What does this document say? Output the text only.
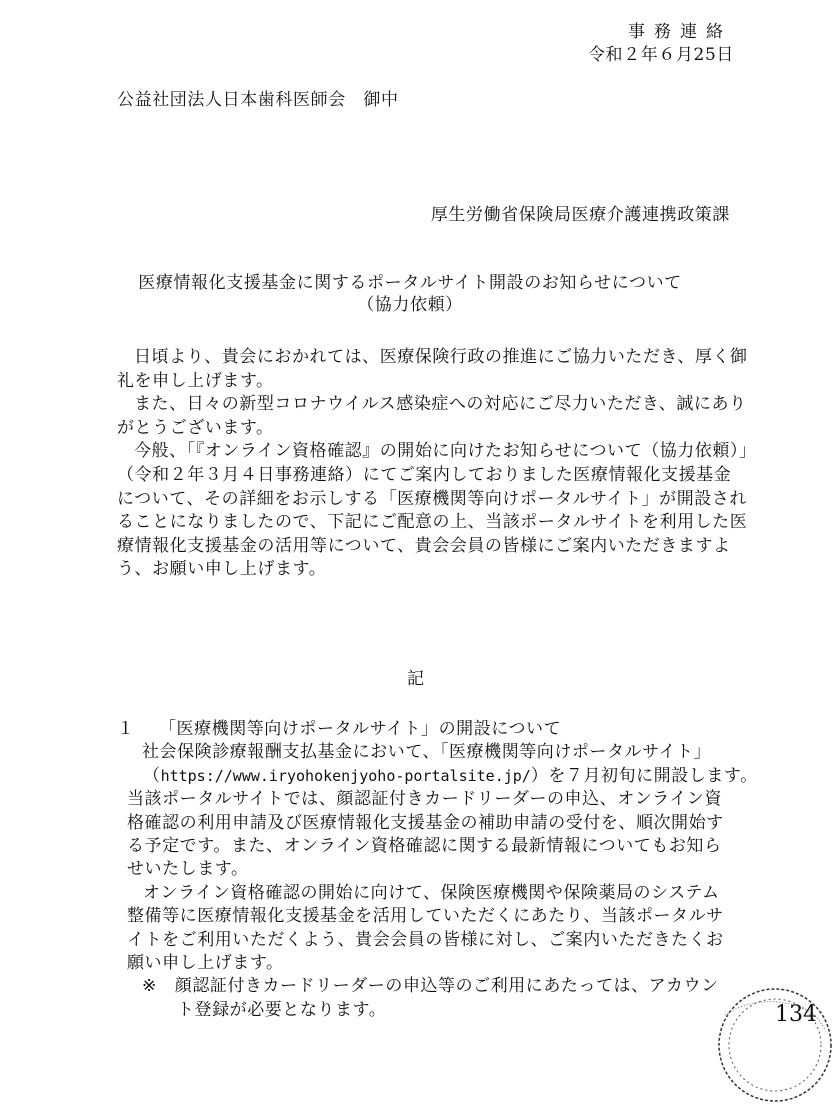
事務連絡
令和２年６月25日
公益社団法人日本歯科医師会　御中
厚生労働省保険局医療介護連携政策課
医療情報化支援基金に関するポータルサイト開設のお知らせについて
（協力依頼）

日頃より、貴会におかれては、医療保険行政の推進にご協力いただき、厚く御

礼を申し上げます。

また、日々の新型コロナウイルス感染症への対応にご尽力いただき、誠にあり

がとうございます。

今般、「『オンライン資格確認』の開始に向けたお知らせについて（協力依頼）」

（令和２年３月４日事務連絡）にてご案内しておりました医療情報化支援基金

について、その詳細をお示しする「医療機関等向けポータルサイト」が開設され

ることになりましたので、下記にご配意の上、当該ポータルサイトを利用した医

療情報化支援基金の活用等について、貴会会員の皆様にご案内いただきますよ

う、お願い申し上げます。

記

１ 「医療機関等向けポータルサイト」の開設について

社会保険診療報酬支払基金において、「医療機関等向けポータルサイト」

（https://www.iryohokenjyoho-portalsite.jp/）を７月初旬に開設します。

当該ポータルサイトでは、顔認証付きカードリーダーの申込、オンライン資

格確認の利用申請及び医療情報化支援基金の補助申請の受付を、順次開始す

る予定です。また、オンライン資格確認に関する最新情報についてもお知ら

せいたします。

オンライン資格確認の開始に向けて、保険医療機関や保険薬局のシステム

整備等に医療情報化支援基金を活用していただくにあたり、当該ポータルサ

イトをご利用いただくよう、貴会会員の皆様に対し、ご案内いただきたくお

願い申し上げます。

※ 顔認証付きカードリーダーの申込等のご利用にあたっては、アカウン

ト登録が必要となります。	134
